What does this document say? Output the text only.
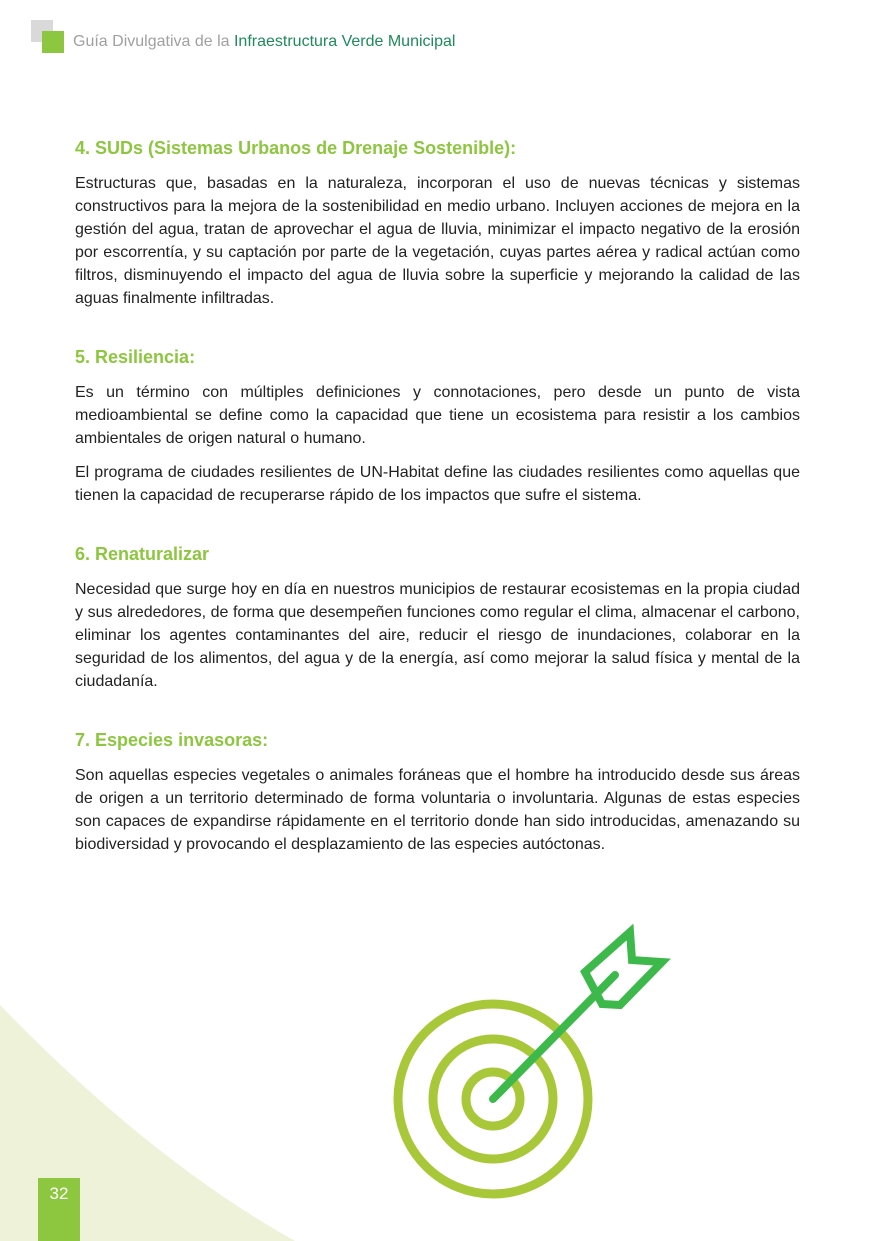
Guía Divulgativa de la Infraestructura Verde Municipal
4. SUDs (Sistemas Urbanos de Drenaje Sostenible):

Estructuras que, basadas en la naturaleza, incorporan el uso de nuevas técnicas y sistemas constructivos para la mejora de la sostenibilidad en medio urbano. Incluyen acciones de mejora en la gestión del agua, tratan de aprovechar el agua de lluvia, minimizar el impacto negativo de la erosión por escorrentía, y su captación por parte de la vegetación, cuyas partes aérea y radical actúan como filtros, disminuyendo el impacto del agua de lluvia sobre la superficie y mejorando la calidad de las aguas finalmente infiltradas.

5. Resiliencia:

Es un término con múltiples definiciones y connotaciones, pero desde un punto de vista medioambiental se define como la capacidad que tiene un ecosistema para resistir a los cambios ambientales de origen natural o humano.

El programa de ciudades resilientes de UN-Habitat define las ciudades resilientes como aquellas que tienen la capacidad de recuperarse rápido de los impactos que sufre el sistema.

6. Renaturalizar

Necesidad que surge hoy en día en nuestros municipios de restaurar ecosistemas en la propia ciudad y sus alrededores, de forma que desempeñen funciones como regular el clima, almacenar el carbono, eliminar los agentes contaminantes del aire, reducir el riesgo de inundaciones, colaborar en la seguridad de los alimentos, del agua y de la energía, así como mejorar la salud física y mental de la ciudadanía.

7. Especies invasoras:

Son aquellas especies vegetales o animales foráneas que el hombre ha introducido desde sus áreas de origen a un territorio determinado de forma voluntaria o involuntaria. Algunas de estas especies son capaces de expandirse rápidamente en el territorio donde han sido introducidas, amenazando su biodiversidad y provocando el desplazamiento de las especies autóctonas.

32
